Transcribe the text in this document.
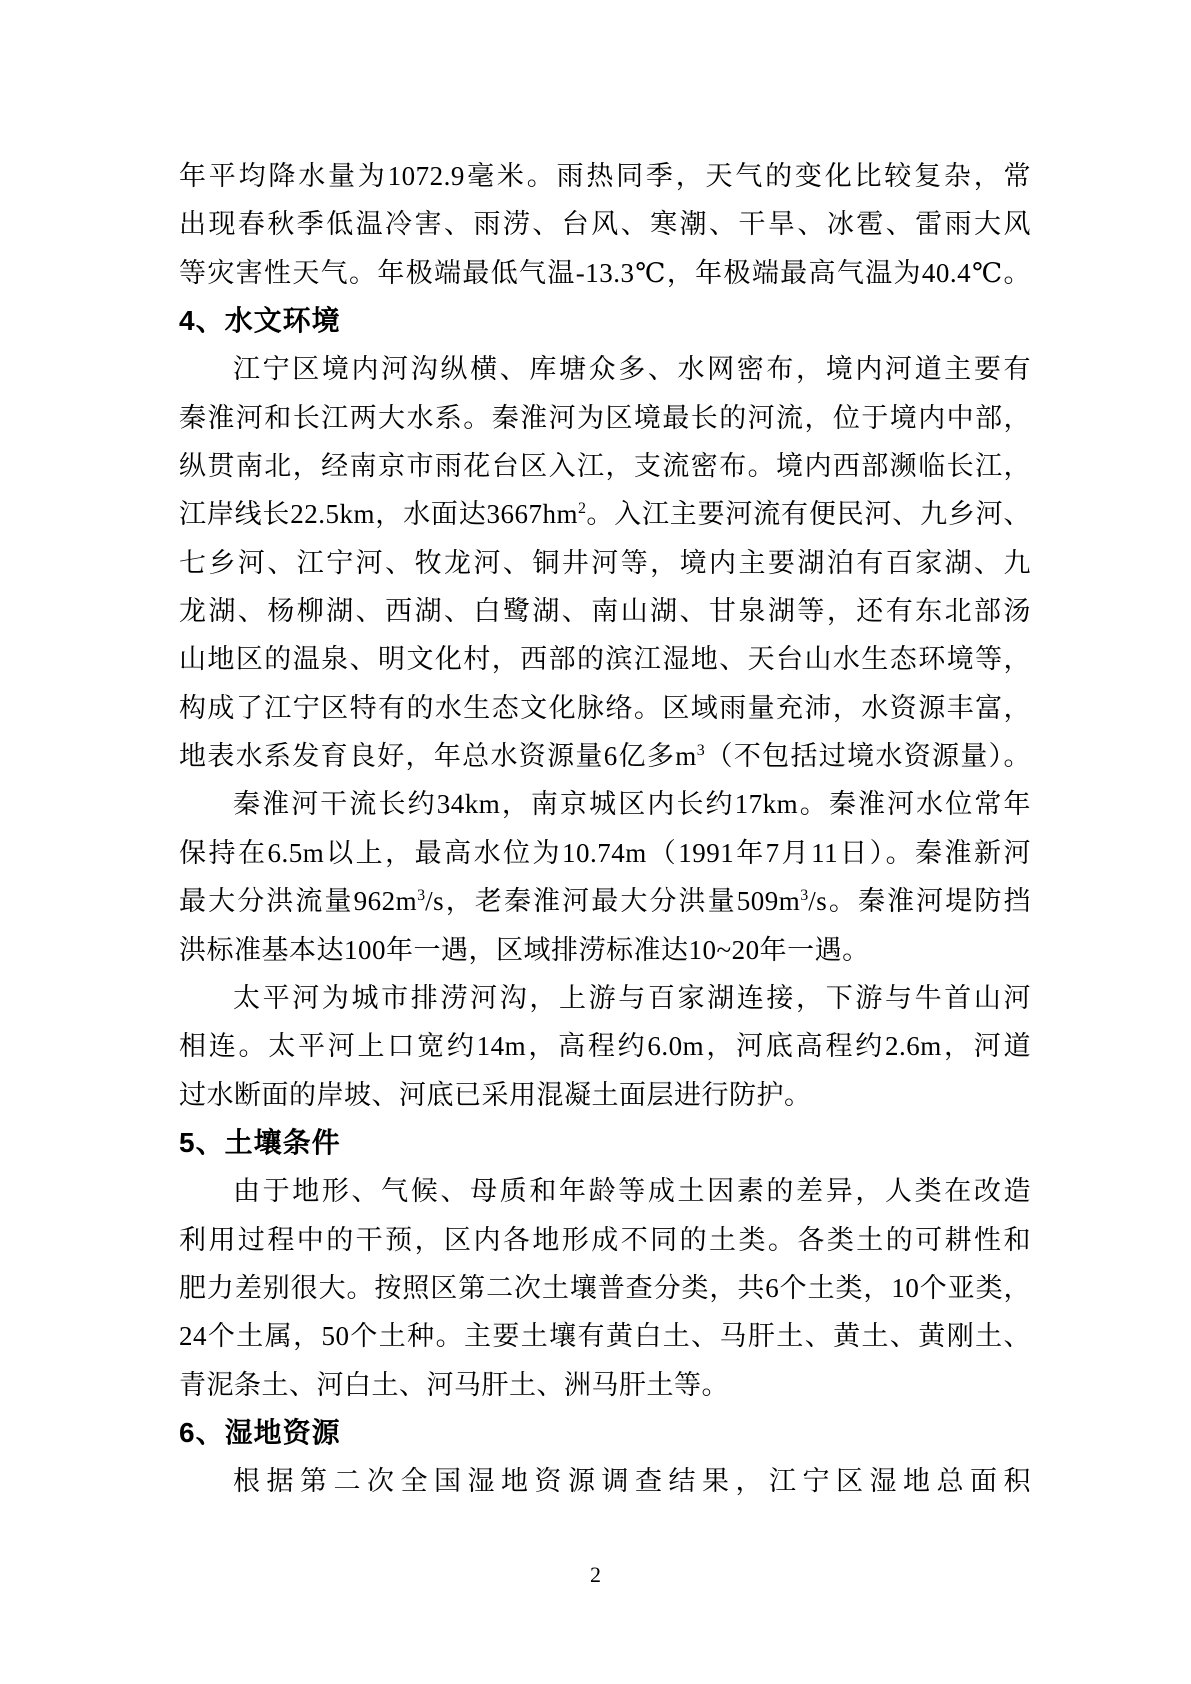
年平均降水量为1072.9毫米。雨热同季，天气的变化比较复杂，常
出现春秋季低温冷害、雨涝、台风、寒潮、干旱、冰雹、雷雨大风
等灾害性天气。年极端最低气温-13.3℃，年极端最高气温为40.4℃。
4、水文环境
江宁区境内河沟纵横、库塘众多、水网密布，境内河道主要有
秦淮河和长江两大水系。秦淮河为区境最长的河流，位于境内中部，
纵贯南北，经南京市雨花台区入江，支流密布。境内西部濒临长江，
江岸线长22.5km，水面达$3667hm^2$。入江主要河流有便民河、九乡河、
七乡河、江宁河、牧龙河、铜井河等，境内主要湖泊有百家湖、九
龙湖、杨柳湖、西湖、白鹭湖、南山湖、甘泉湖等，还有东北部汤
山地区的温泉、明文化村，西部的滨江湿地、天台山水生态环境等，
构成了江宁区特有的水生态文化脉络。区域雨量充沛，水资源丰富，
地表水系发育良好，年总水资源量6亿多$m^3$（不包括过境水资源量）。
秦淮河干流长约34km，南京城区内长约17km。秦淮河水位常年
保持在6.5m以上，最高水位为10.74m（1991年7月11日）。秦淮新河
最大分洪流量$962m^3/s$，老秦淮河最大分洪量$509m^3/s$。秦淮河堤防挡
洪标准基本达100年一遇，区域排涝标准达10~20年一遇。
太平河为城市排涝河沟，上游与百家湖连接，下游与牛首山河
相连。太平河上口宽约14m，高程约6.0m，河底高程约2.6m，河道
过水断面的岸坡、河底已采用混凝土面层进行防护。
5、土壤条件
由于地形、气候、母质和年龄等成土因素的差异，人类在改造
利用过程中的干预，区内各地形成不同的土类。各类土的可耕性和
肥力差别很大。按照区第二次土壤普查分类，共6个土类，10个亚类，
24个土属，50个土种。主要土壤有黄白土、马肝土、黄土、黄刚土、
青泥条土、河白土、河马肝土、洲马肝土等。
6、湿地资源
根据第二次全国湿地资源调查结果，江宁区湿地总面积
2
